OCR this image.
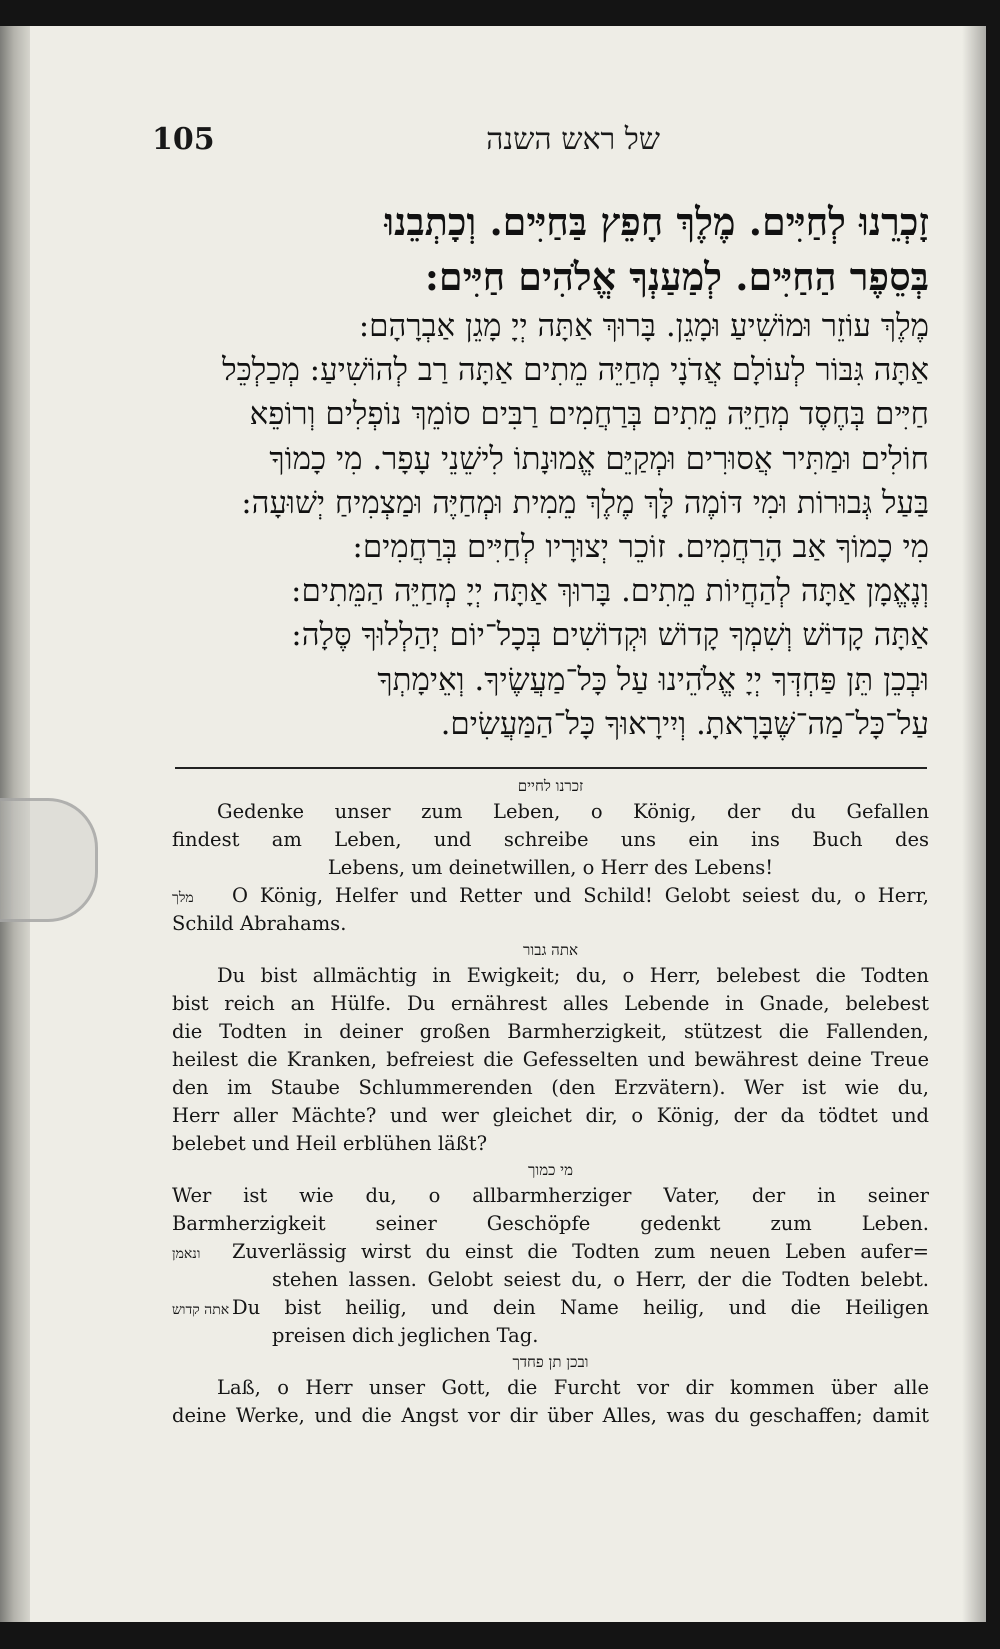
105	של ראש השנה
זָכְרֵנוּ לְחַיִּים. מֶלֶךְ חָפֵץ בַּחַיִּים. וְכָתְבֵנוּ
בְּסֵפֶר הַחַיִּים. לְמַעַנְךָ אֱלֹהִים חַיִּים:
מֶלֶךְ עוֹזֵר וּמוֹשִׁיעַ וּמָגֵן. בָּרוּךְ אַתָּה יְיָ מָגֵן אַבְרָהָם:
אַתָּה גִּבּוֹר לְעוֹלָם אֲדֹנָי מְחַיֵּה מֵתִים אַתָּה רַב לְהוֹשִׁיעַ: מְכַלְכֵּל
חַיִּים בְּחֶסֶד מְחַיֵּה מֵתִים בְּרַחֲמִים רַבִּים סוֹמֵךְ נוֹפְלִים וְרוֹפֵא
חוֹלִים וּמַתִּיר אֲסוּרִים וּמְקַיֵּם אֱמוּנָתוֹ לִישֵׁנֵי עָפָר. מִי כָמוֹךָ
בַּעַל גְּבוּרוֹת וּמִי דּוֹמֶה לָּךְ מֶלֶךְ מֵמִית וּמְחַיֶּה וּמַצְמִיחַ יְשׁוּעָה:
מִי כָמוֹךָ אַב הָרַחֲמִים. זוֹכֵר יְצוּרָיו לְחַיִּים בְּרַחֲמִים:
וְנֶאֱמָן אַתָּה לְהַחֲיוֹת מֵתִים. בָּרוּךְ אַתָּה יְיָ מְחַיֵּה הַמֵּתִים:
אַתָּה קָדוֹשׁ וְשִׁמְךָ קָדוֹשׁ וּקְדוֹשִׁים בְּכָל־יוֹם יְהַלְלוּךָ סֶּלָה:
וּבְכֵן תֵּן פַּחְדְּךָ יְיָ אֱלֹהֵינוּ עַל כָּל־מַעֲשֶׂיךָ. וְאֵימָתְךָ
עַל־כָּל־מַה־שֶּׁבָּרָאתָ. וְיִירָאוּךָ כָּל־הַמַּעֲשִׂים.
זכרנו לחיים
Gedenke unser zum Leben, o König, der du Gefallen
findest am Leben, und schreibe uns ein ins Buch des
Lebens, um deinetwillen, o Herr des Lebens!
מלך	O König, Helfer und Retter und Schild! Gelobt seiest du, o Herr,
Schild Abrahams.
אתה גבור
Du bist allmächtig in Ewigkeit; du, o Herr, belebest die Todten
bist reich an Hülfe. Du ernährest alles Lebende in Gnade, belebest
die Todten in deiner großen Barmherzigkeit, stützest die Fallenden,
heilest die Kranken, befreiest die Gefesselten und bewährest deine Treue
den im Staube Schlummerenden (den Erzvätern). Wer ist wie du,
Herr aller Mächte? und wer gleichet dir, o König, der da tödtet und
belebet und Heil erblühen läßt?
מי כמוך
Wer ist wie du, o allbarmherziger Vater, der in seiner
Barmherzigkeit seiner Geschöpfe gedenkt zum Leben.
ונאמן	Zuverlässig wirst du einst die Todten zum neuen Leben aufer=
stehen lassen. Gelobt seiest du, o Herr, der die Todten belebt.
אתה קדוש Du bist heilig, und dein Name heilig, und die Heiligen
preisen dich jeglichen Tag.
ובכן תן פחדך
Laß, o Herr unser Gott, die Furcht vor dir kommen über alle
deine Werke, und die Angst vor dir über Alles, was du geschaffen; damit
